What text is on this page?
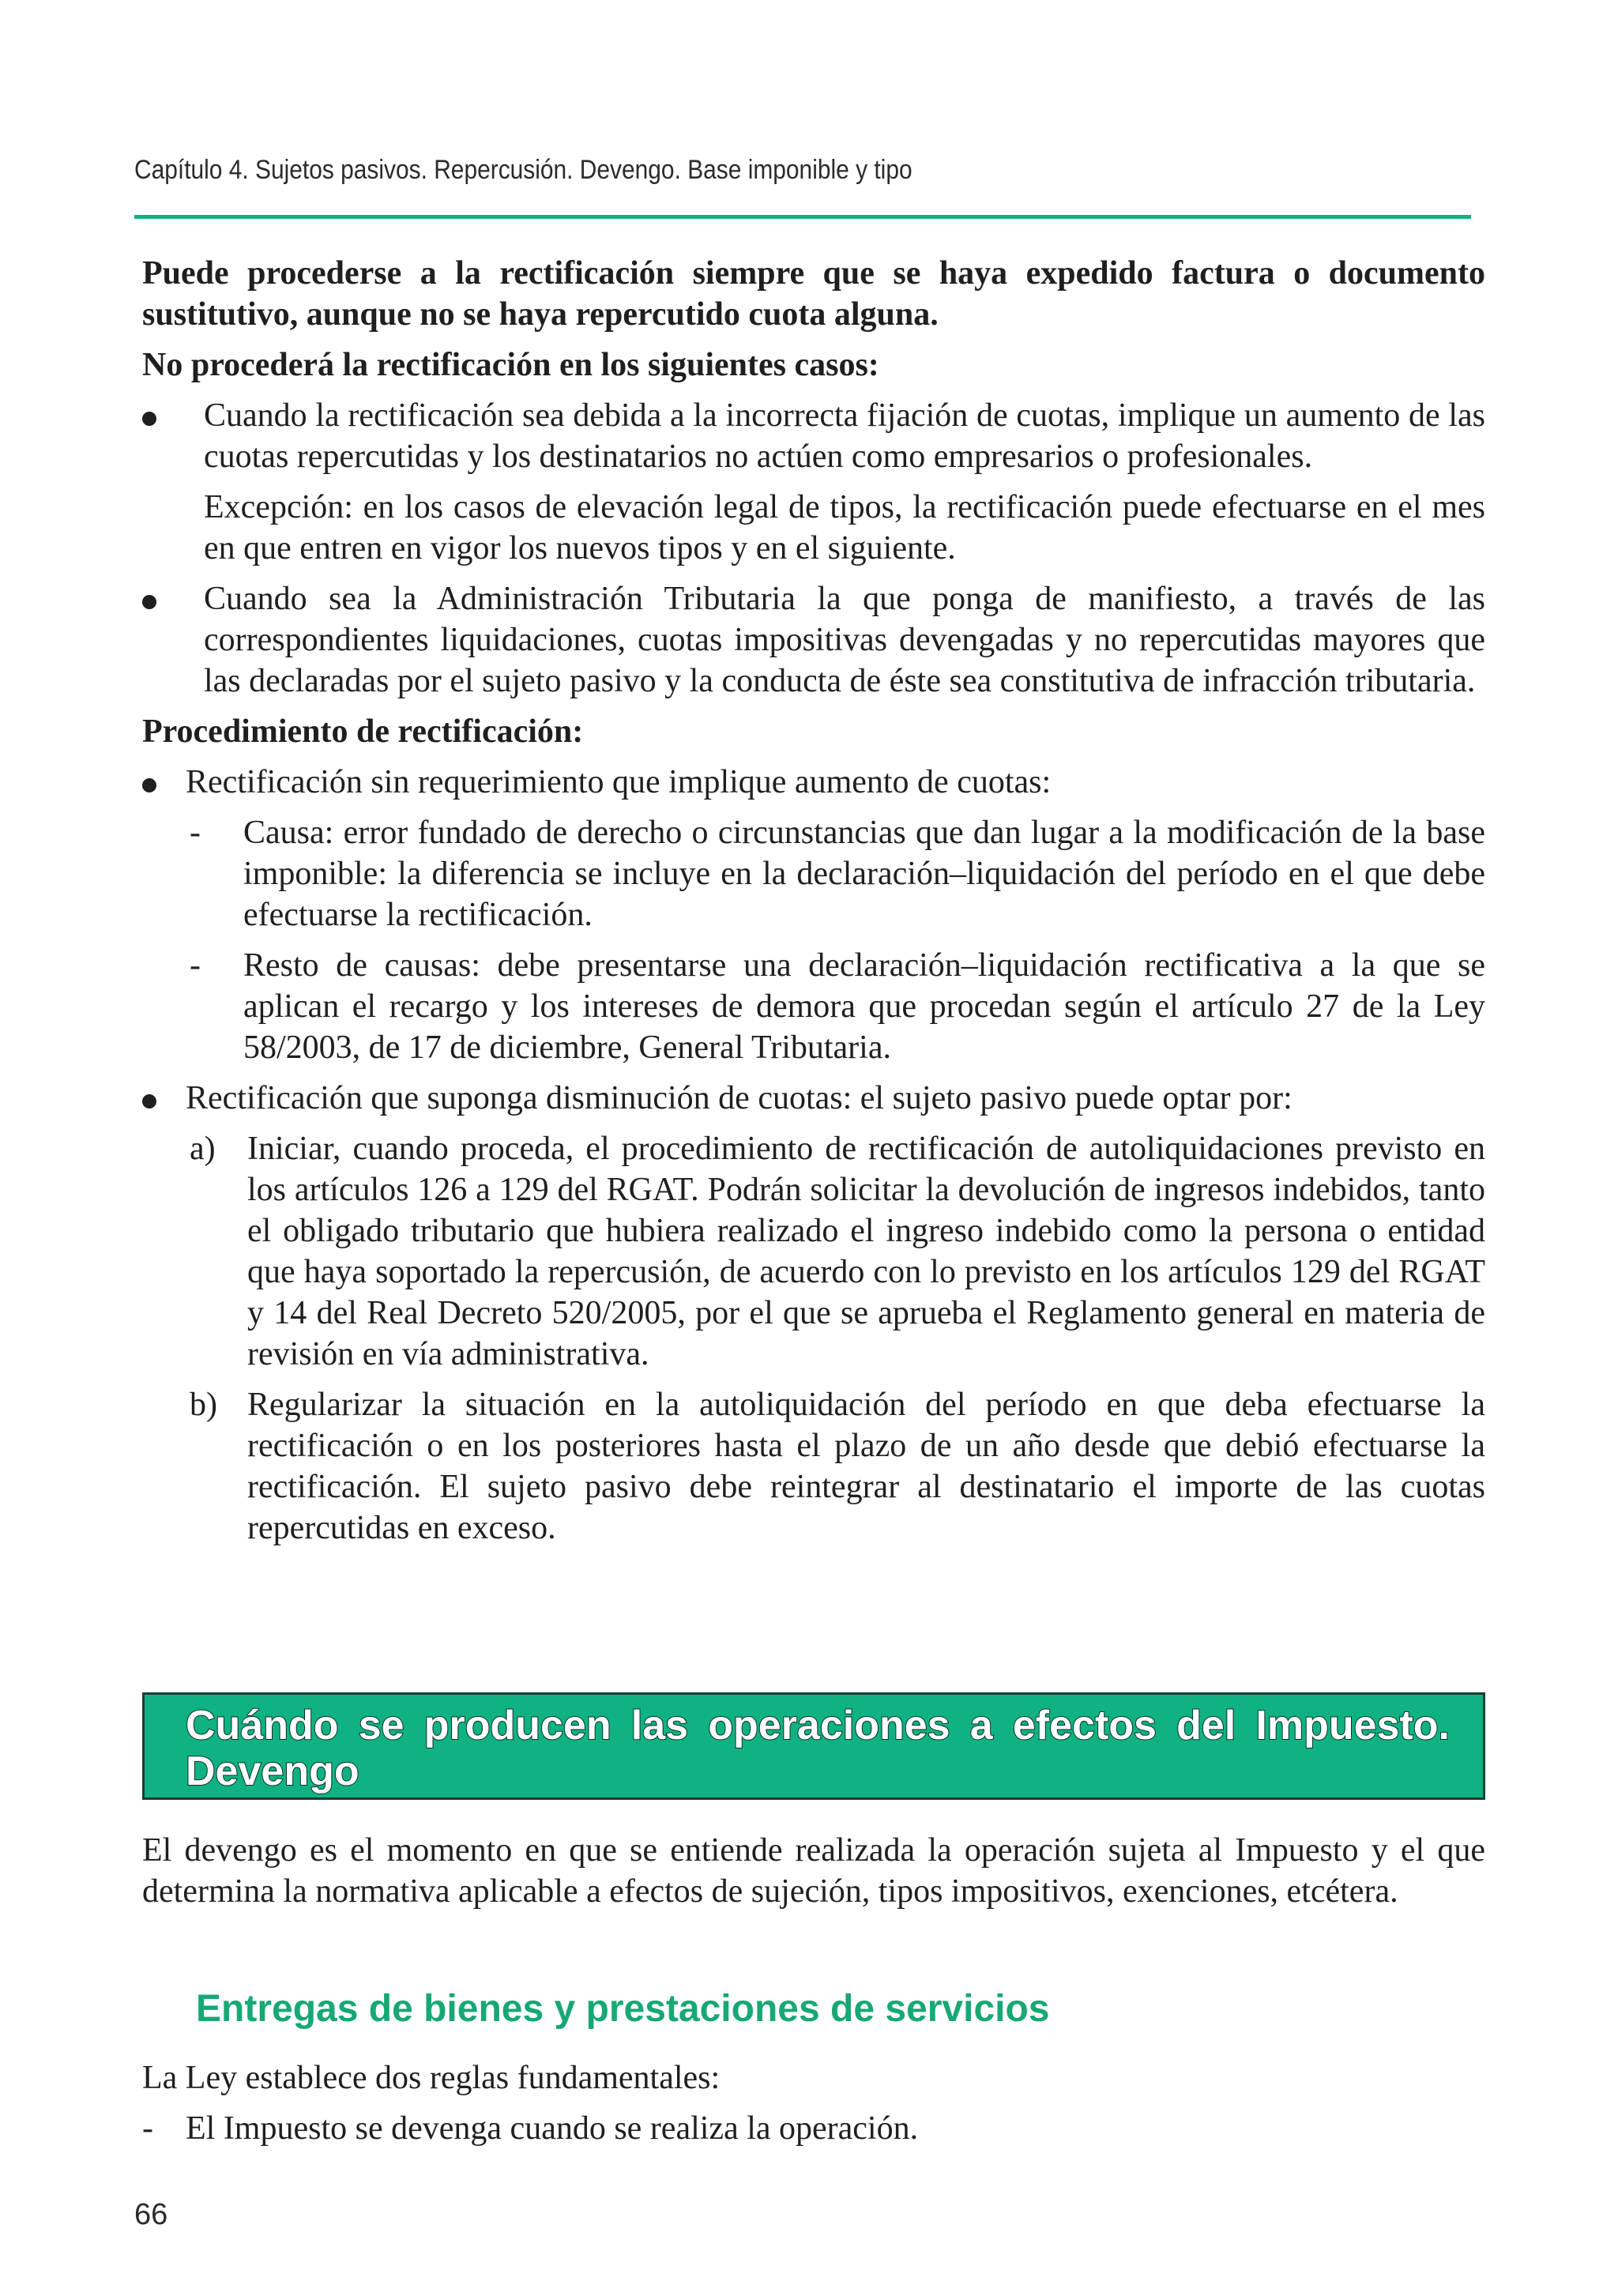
Capítulo 4. Sujetos pasivos. Repercusión. Devengo. Base imponible y tipo

Puede procederse a la rectificación siempre que se haya expedido factura o documento sustitutivo, aunque no se haya repercutido cuota alguna.

No procederá la rectificación en los siguientes casos:

Cuando la rectificación sea debida a la incorrecta fijación de cuotas, implique un aumento de las cuotas repercutidas y los destinatarios no actúen como empresarios o profesionales.

Excepción: en los casos de elevación legal de tipos, la rectificación puede efectuarse en el mes en que entren en vigor los nuevos tipos y en el siguiente.

Cuando sea la Administración Tributaria la que ponga de manifiesto, a través de las correspondientes liquidaciones, cuotas impositivas devengadas y no repercutidas mayores que las declaradas por el sujeto pasivo y la conducta de éste sea constitutiva de infracción tributaria.

Procedimiento de rectificación:

Rectificación sin requerimiento que implique aumento de cuotas:
- Causa: error fundado de derecho o circunstancias que dan lugar a la modificación de la base imponible: la diferencia se incluye en la declaración–liquidación del período en el que debe efectuarse la rectificación.
- Resto de causas: debe presentarse una declaración–liquidación rectificativa a la que se aplican el recargo y los intereses de demora que procedan según el artículo 27 de la Ley 58/2003, de 17 de diciembre, General Tributaria.
Rectificación que suponga disminución de cuotas: el sujeto pasivo puede optar por:
a) Iniciar, cuando proceda, el procedimiento de rectificación de autoliquidaciones previsto en los artículos 126 a 129 del RGAT. Podrán solicitar la devolución de ingresos indebidos, tanto el obligado tributario que hubiera realizado el ingreso indebido como la persona o entidad que haya soportado la repercusión, de acuerdo con lo previsto en los artículos 129 del RGAT y 14 del Real Decreto 520/2005, por el que se aprueba el Reglamento general en materia de revisión en vía administrativa.
b) Regularizar la situación en la autoliquidación del período en que deba efectuarse la rectificación o en los posteriores hasta el plazo de un año desde que debió efectuarse la rectificación. El sujeto pasivo debe reintegrar al destinatario el importe de las cuotas repercutidas en exceso.
Cuándo se producen las operaciones a efectos del Impuesto. Devengo

El devengo es el momento en que se entiende realizada la operación sujeta al Impuesto y el que determina la normativa aplicable a efectos de sujeción, tipos impositivos, exenciones, etcétera.

Entregas de bienes y prestaciones de servicios

La Ley establece dos reglas fundamentales:

- El Impuesto se devenga cuando se realiza la operación.
66
